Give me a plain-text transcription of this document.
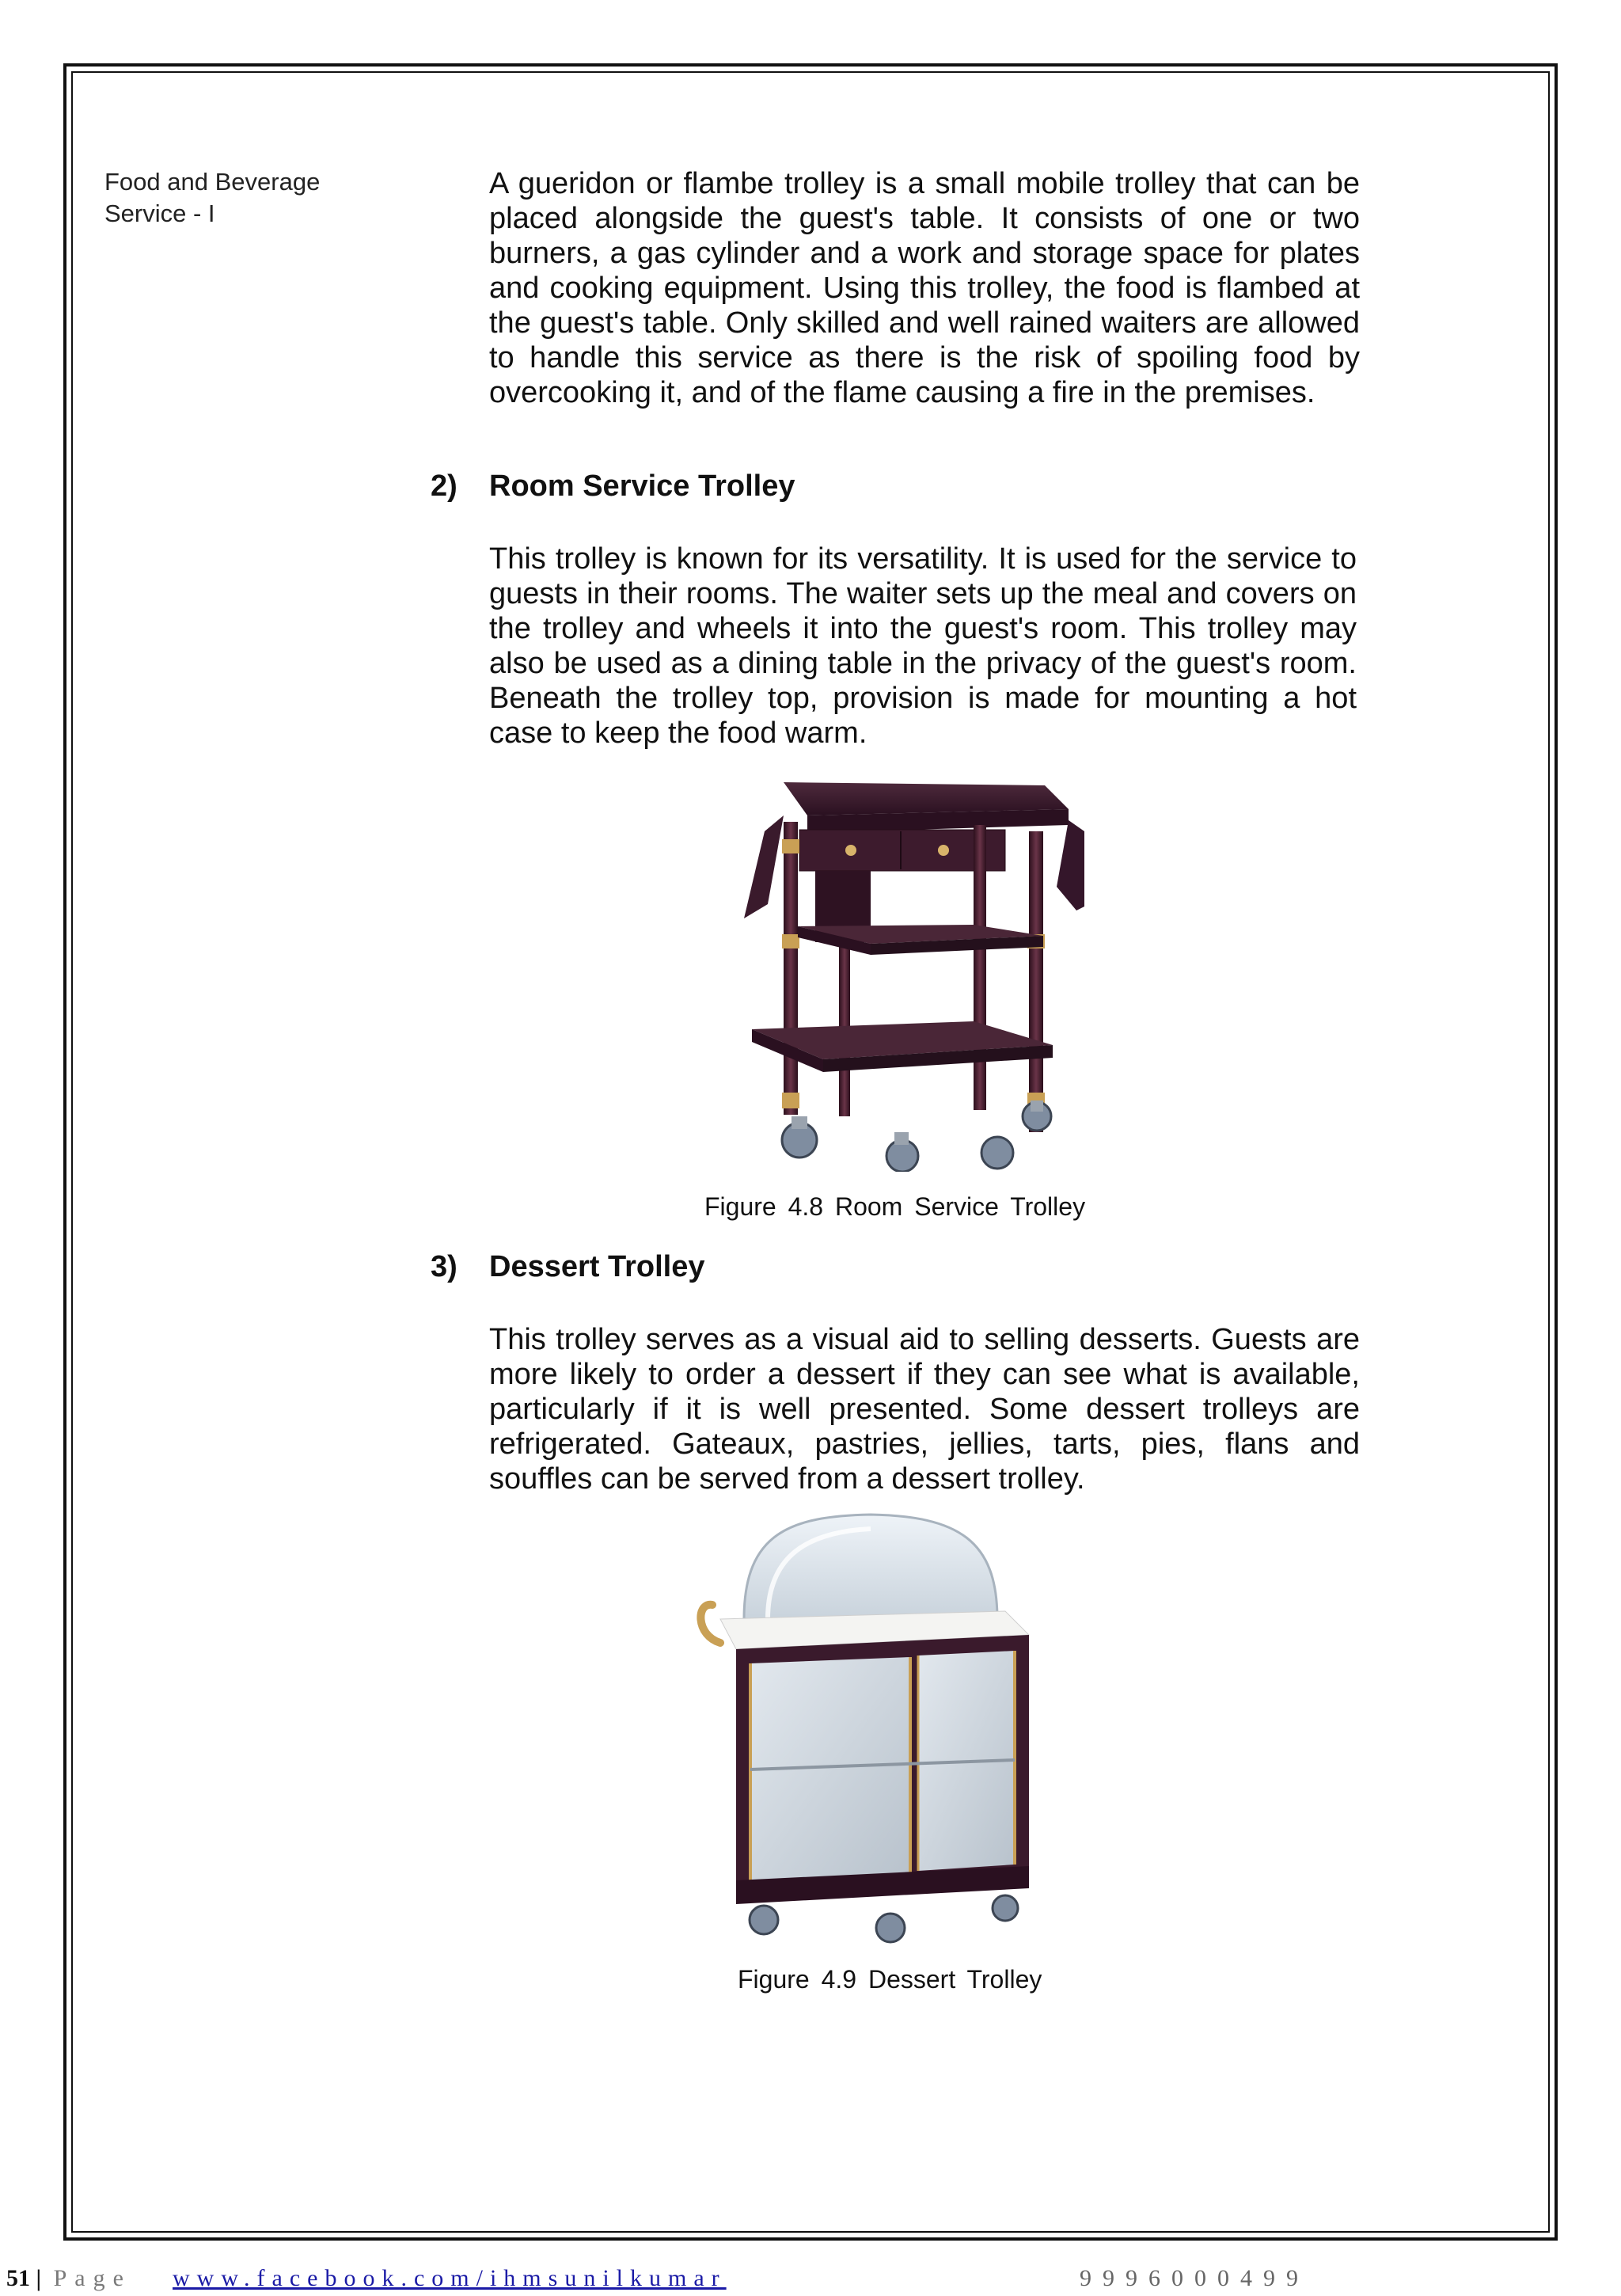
Food and Beverage
Service - I

A gueridon or flambe trolley is a small mobile trolley that can be placed alongside the guest's table. It consists of one or two burners, a gas cylinder and a work and storage space for plates and cooking equipment. Using this trolley, the food is flambed at the guest's table. Only skilled and well rained waiters are allowed to handle this service as there is the risk of spoiling food by overcooking it, and of the flame causing a fire in the premises.

2) Room Service Trolley

This trolley is known for its versatility. It is used for the service to guests in their rooms. The waiter sets up the meal and covers on the trolley and wheels it into the guest's room. This trolley may also be used as a dining table in the privacy of the guest's room. Beneath the trolley top, provision is made for mounting a hot case to keep the food warm.

Figure 4.8 Room Service Trolley
3) Dessert Trolley

This trolley serves as a visual aid to selling desserts. Guests are more likely to order a dessert if they can see what is available, particularly if it is well presented. Some dessert trolleys are refrigerated. Gateaux, pastries, jellies, tarts, pies, flans and souffles can be served from a dessert trolley.

Figure 4.9 Dessert Trolley
51 | Page www.facebook.com/ihmsunilkumar	9996000499
